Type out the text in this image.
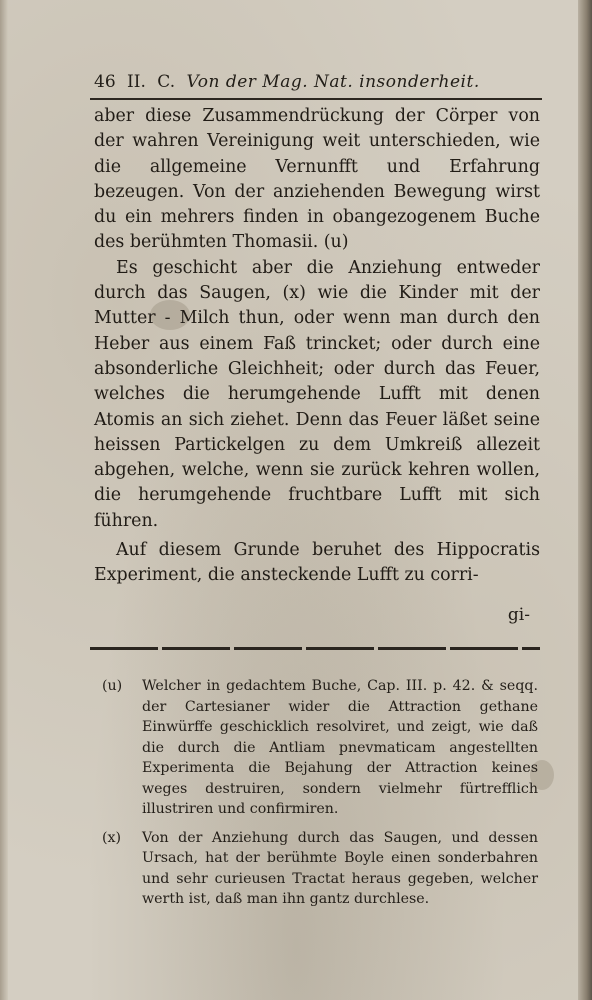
46 II. C. Von der Mag. Nat. insonderheit.

aber diese Zusammendrückung der Cörper von der wahren Vereinigung weit unterschieden, wie die allgemeine Vernunfft und Erfahrung bezeugen. Von der anziehenden Bewegung wirst du ein mehrers finden in obangezogenem Buche des berühmten Thomasii. (u)

Es geschicht aber die Anziehung entweder durch das Saugen, (x) wie die Kinder mit der Mutter - Milch thun, oder wenn man durch den Heber aus einem Faß trincket; oder durch eine absonderliche Gleichheit; oder durch das Feuer, welches die herumgehende Lufft mit denen Atomis an sich ziehet. Denn das Feuer läßet seine heissen Partickelgen zu dem Umkreiß allezeit abgehen, welche, wenn sie zurück kehren wollen, die herumgehende fruchtbare Lufft mit sich führen.

Auf diesem Grunde beruhet des Hippocratis Experiment, die ansteckende Lufft zu corri-

gi-
(u)	Welcher in gedachtem Buche, Cap. III. p. 42. & seqq. der Cartesianer wider die Attraction gethane Einwürffe geschicklich resolviret, und zeigt, wie daß die durch die Antliam pnevmaticam angestellten Experimenta die Bejahung der Attraction keines weges destruiren, sondern vielmehr fürtrefflich illustriren und confirmiren.
(x)	Von der Anziehung durch das Saugen, und dessen Ursach, hat der berühmte Boyle einen sonderbahren und sehr curieusen Tractat heraus gegeben, welcher werth ist, daß man ihn gantz durchlese.
